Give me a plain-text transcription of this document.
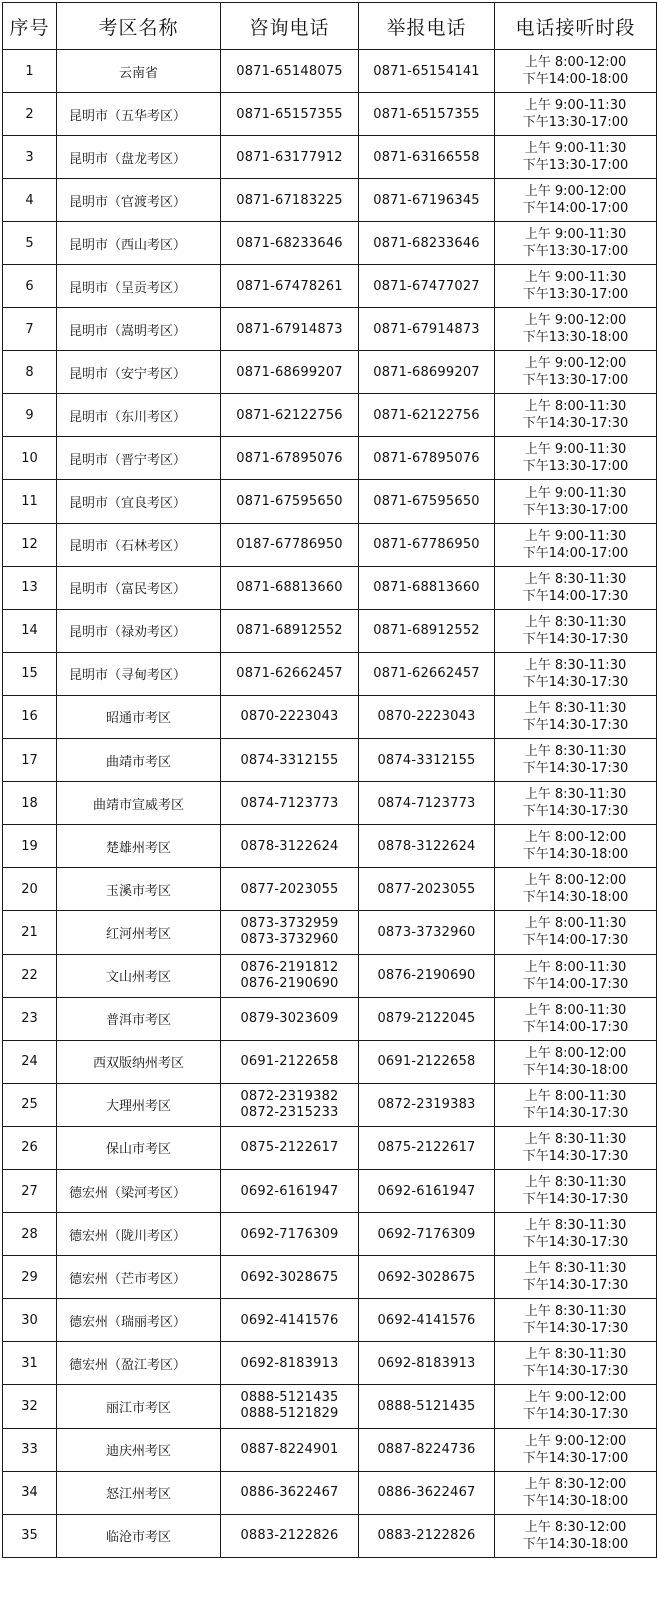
序号	考区名称	咨询电话	举报电话	电话接听时段
1	云南省	0871-65148075	0871-65154141	上午 8:00-12:00
下午14:00-18:00

2	昆明市（五华考区）	0871-65157355	0871-65157355	上午 9:00-11:30
下午13:30-17:00

3	昆明市（盘龙考区）	0871-63177912	0871-63166558	上午 9:00-11:30
下午13:30-17:00

4	昆明市（官渡考区）	0871-67183225	0871-67196345	上午 9:00-12:00
下午14:00-17:00

5	昆明市（西山考区）	0871-68233646	0871-68233646	上午 9:00-11:30
下午13:30-17:00

6	昆明市（呈贡考区）	0871-67478261	0871-67477027	上午 9:00-11:30
下午13:30-17:00

7	昆明市（嵩明考区）	0871-67914873	0871-67914873	上午 9:00-12:00
下午13:30-18:00

8	昆明市（安宁考区）	0871-68699207	0871-68699207	上午 9:00-12:00
下午13:30-17:00

9	昆明市（东川考区）	0871-62122756	0871-62122756	上午 8:00-11:30
下午14:30-17:30

10	昆明市（晋宁考区）	0871-67895076	0871-67895076	上午 9:00-11:30
下午13:30-17:00

11	昆明市（宜良考区）	0871-67595650	0871-67595650	上午 9:00-11:30
下午13:30-17:00

12	昆明市（石林考区）	0187-67786950	0871-67786950	上午 9:00-11:30
下午14:00-17:00

13	昆明市（富民考区）	0871-68813660	0871-68813660	上午 8:30-11:30
下午14:00-17:30

14	昆明市（禄劝考区）	0871-68912552	0871-68912552	上午 8:30-11:30
下午14:30-17:30

15	昆明市（寻甸考区）	0871-62662457	0871-62662457	上午 8:30-11:30
下午14:30-17:30

16	昭通市考区	0870-2223043	0870-2223043	上午 8:30-11:30
下午14:30-17:30

17	曲靖市考区	0874-3312155	0874-3312155	上午 8:30-11:30
下午14:30-17:30

18	曲靖市宣威考区	0874-7123773	0874-7123773	上午 8:30-11:30
下午14:30-17:30

19	楚雄州考区	0878-3122624	0878-3122624	上午 8:00-12:00
下午14:30-18:00

20	玉溪市考区	0877-2023055	0877-2023055	上午 8:00-12:00
下午14:30-18:00

21	红河州考区	0873-3732959
0873-3732960	0873-3732960	上午 8:00-11:30
下午14:00-17:30

22	文山州考区	0876-2191812
0876-2190690	0876-2190690	上午 8:00-11:30
下午14:00-17:30

23	普洱市考区	0879-3023609	0879-2122045	上午 8:00-11:30
下午14:00-17:30

24	西双版纳州考区	0691-2122658	0691-2122658	上午 8:00-12:00
下午14:30-18:00

25	大理州考区	0872-2319382
0872-2315233	0872-2319383	上午 8:00-11:30
下午14:30-17:30

26	保山市考区	0875-2122617	0875-2122617	上午 8:30-11:30
下午14:30-17:30

27	德宏州（梁河考区）	0692-6161947	0692-6161947	上午 8:30-11:30
下午14:30-17:30

28	德宏州（陇川考区）	0692-7176309	0692-7176309	上午 8:30-11:30
下午14:30-17:30

29	德宏州（芒市考区）	0692-3028675	0692-3028675	上午 8:30-11:30
下午14:30-17:30

30	德宏州（瑞丽考区）	0692-4141576	0692-4141576	上午 8:30-11:30
下午14:30-17:30

31	德宏州（盈江考区）	0692-8183913	0692-8183913	上午 8:30-11:30
下午14:30-17:30

32	丽江市考区	0888-5121435
0888-5121829	0888-5121435	上午 9:00-12:00
下午14:30-17:30

33	迪庆州考区	0887-8224901	0887-8224736	上午 9:00-12:00
下午14:30-17:00

34	怒江州考区	0886-3622467	0886-3622467	上午 8:30-12:00
下午14:30-18:00

35	临沧市考区	0883-2122826	0883-2122826	上午 8:30-12:00
下午14:30-18:00
